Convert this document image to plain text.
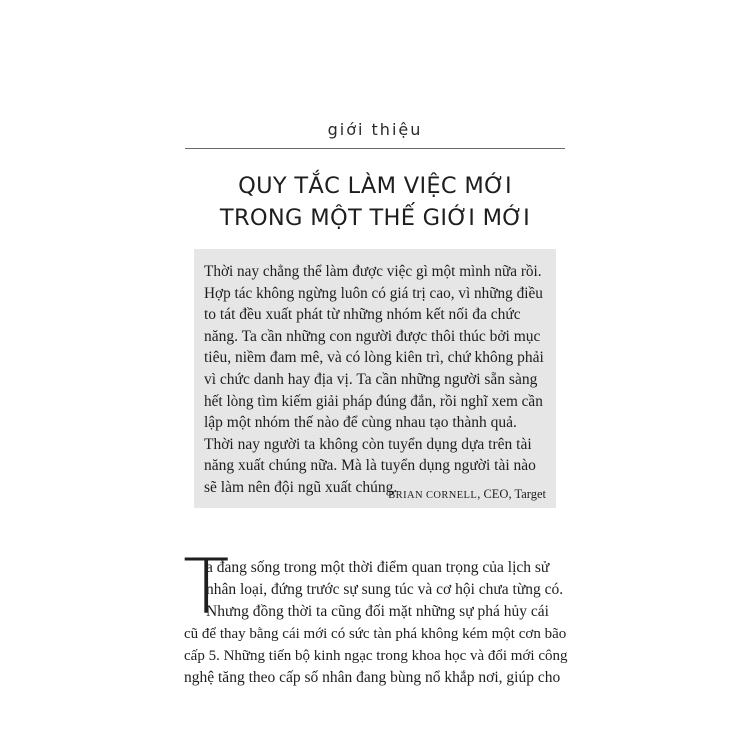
giới thiệu
QUY TẮC LÀM VIỆC MỚI
TRONG MỘT THẾ GIỚI MỚI
Thời nay chẳng thể làm được việc gì một mình nữa rồi.
Hợp tác không ngừng luôn có giá trị cao, vì những điều
to tát đều xuất phát từ những nhóm kết nối đa chức
năng. Ta cần những con người được thôi thúc bởi mục
tiêu, niềm đam mê, và có lòng kiên trì, chứ không phải
vì chức danh hay địa vị. Ta cần những người sẵn sàng
hết lòng tìm kiếm giải pháp đúng đắn, rồi nghĩ xem cần
lập một nhóm thế nào để cùng nhau tạo thành quả.
Thời nay người ta không còn tuyển dụng dựa trên tài
năng xuất chúng nữa. Mà là tuyển dụng người tài nào
sẽ làm nên đội ngũ xuất chúng.
BRIAN CORNELL, CEO, Target
T
a đang sống trong một thời điểm quan trọng của lịch sử
nhân loại, đứng trước sự sung túc và cơ hội chưa từng có.
Nhưng đồng thời ta cũng đối mặt những sự phá hủy cái
cũ để thay bằng cái mới có sức tàn phá không kém một cơn bão
cấp 5. Những tiến bộ kinh ngạc trong khoa học và đổi mới công
nghệ tăng theo cấp số nhân đang bùng nổ khắp nơi, giúp cho
